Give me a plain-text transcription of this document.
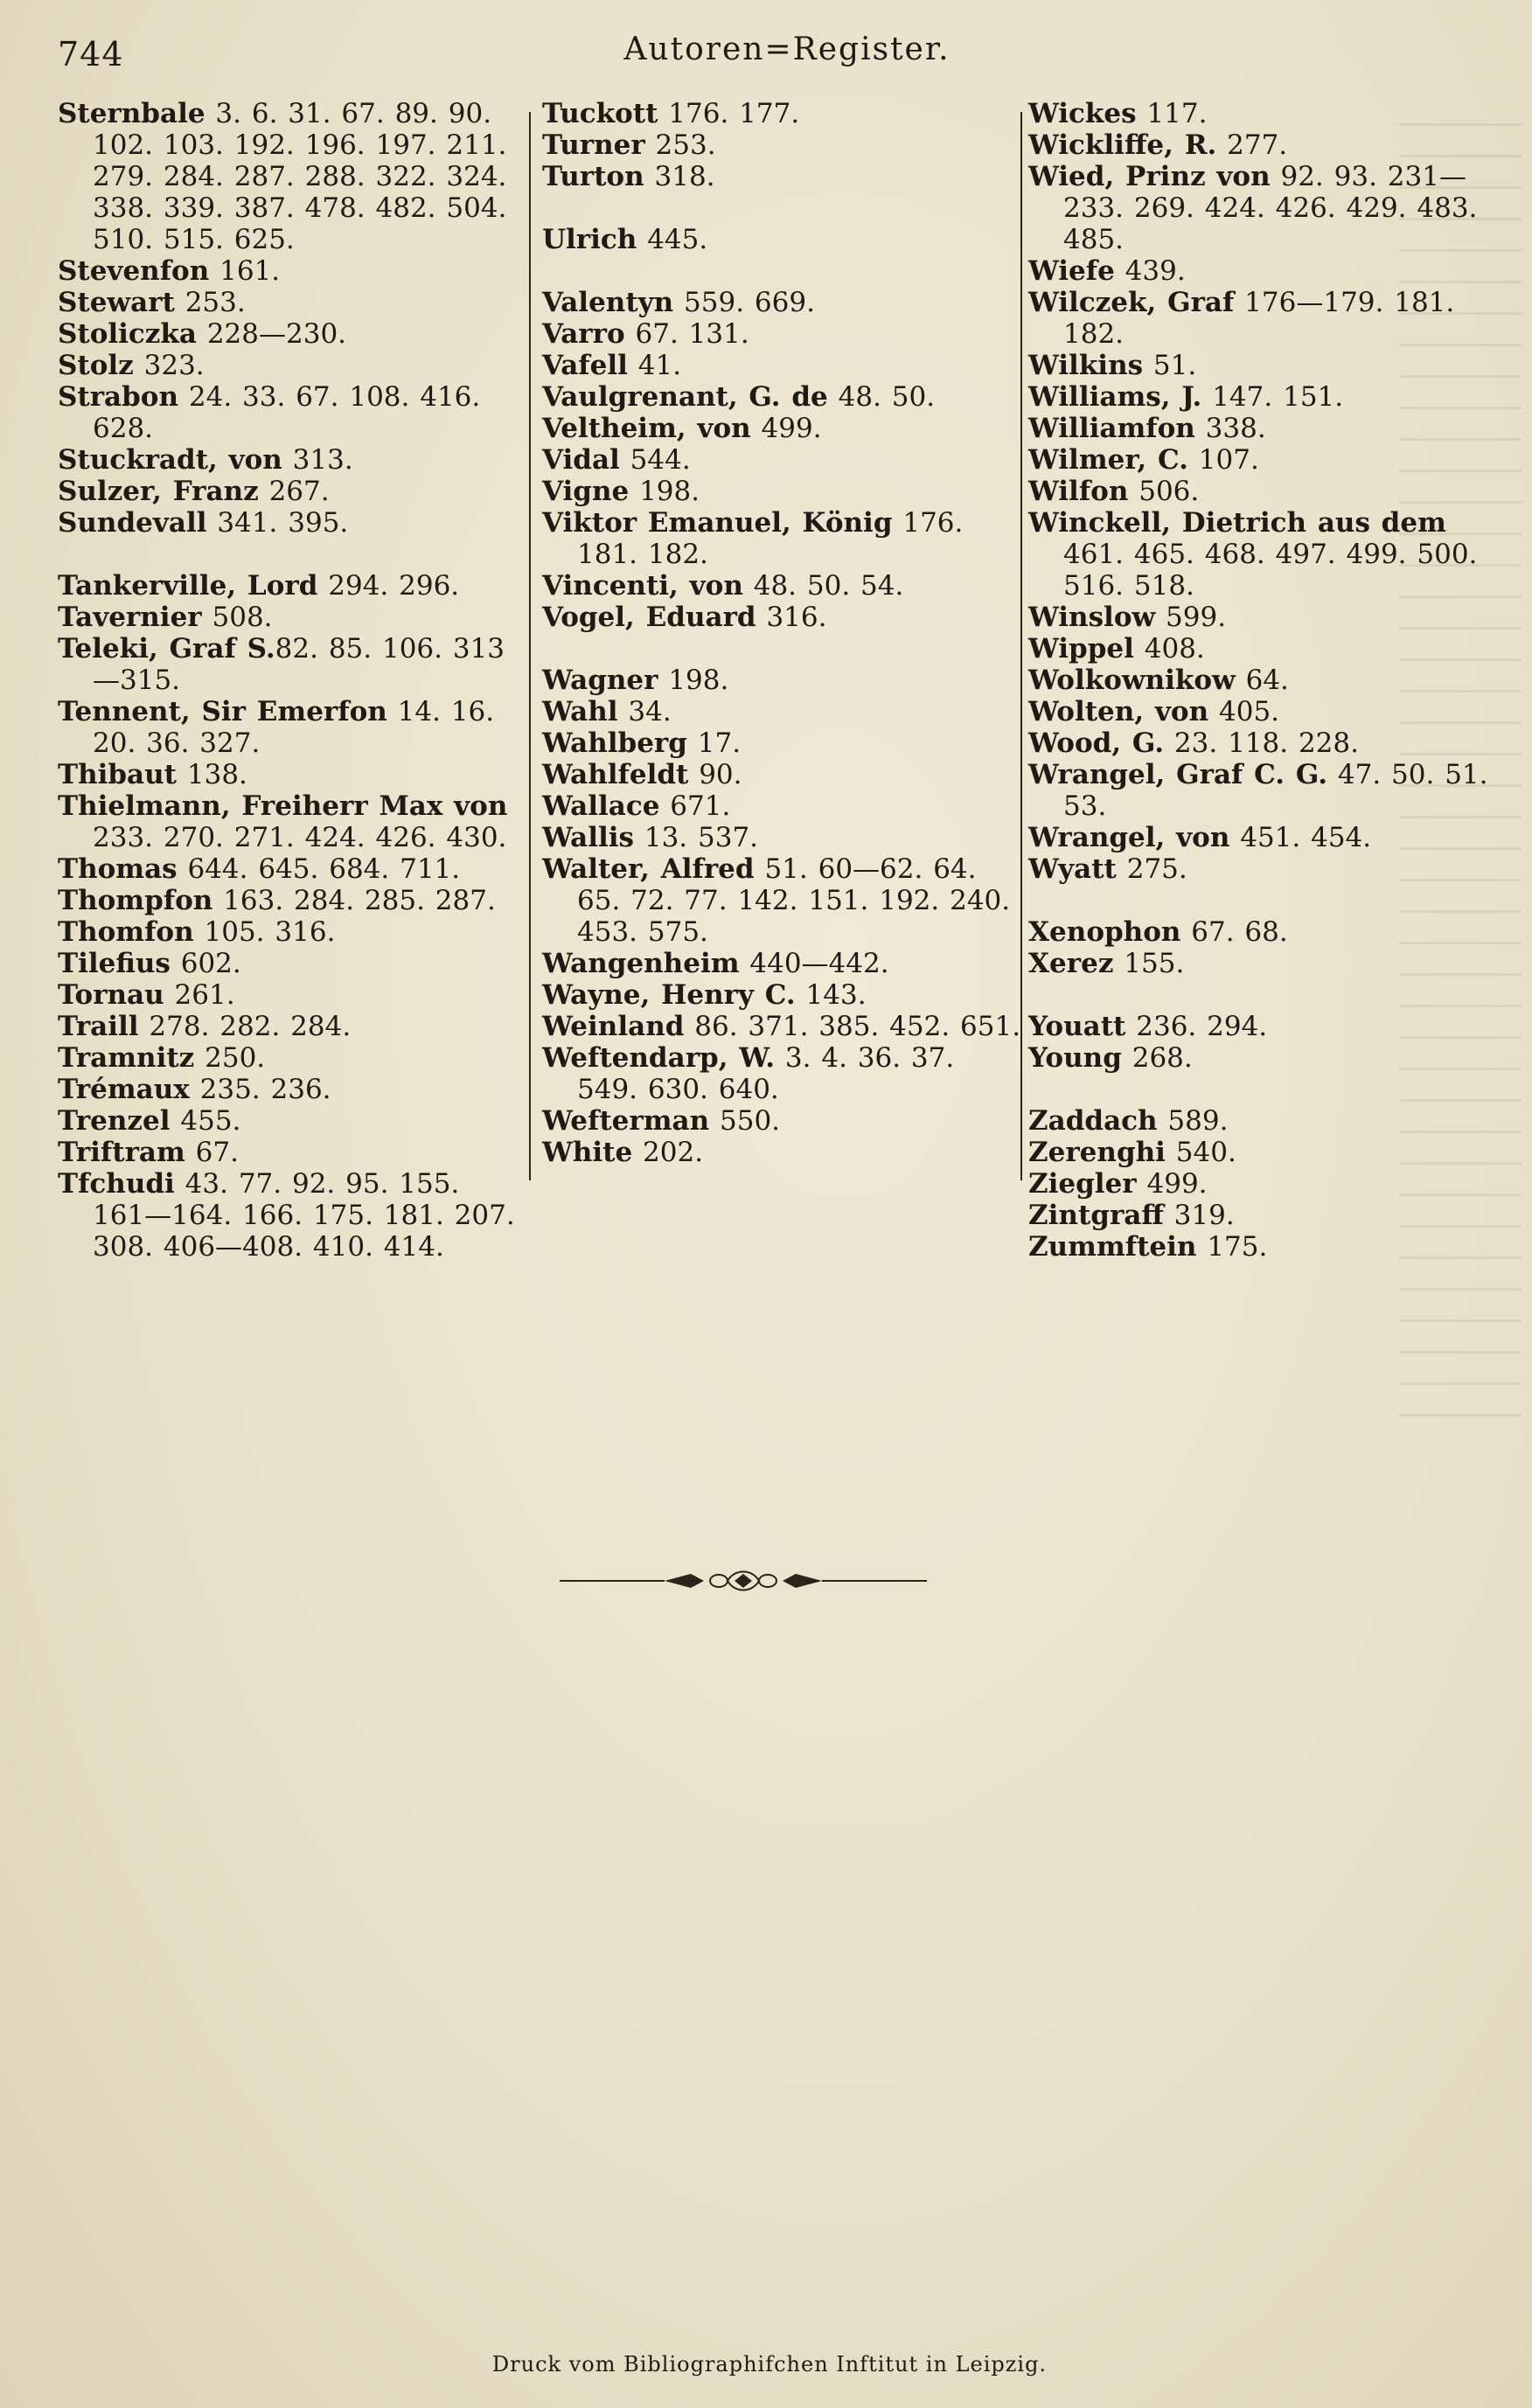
744	Autoren=Register.

Sternbale 3. 6. 31. 67. 89. 90. 102. 103. 192. 196. 197. 211. 279. 284. 287. 288. 322. 324. 338. 339. 387. 478. 482. 504. 510. 515. 625.

Stevenfon 161.

Stewart 253.

Stoliczka 228—230.

Stolz 323.

Strabon 24. 33. 67. 108. 416. 628.

Stuckradt, von 313.

Sulzer, Franz 267.

Sundevall 341. 395.

Tankerville, Lord 294. 296.

Tavernier 508.

Teleki, Graf S.82. 85. 106. 313—315.

Tennent, Sir Emerfon 14. 16. 20. 36. 327.

Thibaut 138.

Thielmann, Freiherr Max von 233. 270. 271. 424. 426. 430.

Thomas 644. 645. 684. 711.

Thompfon 163. 284. 285. 287.

Thomfon 105. 316.

Tilefius 602.

Tornau 261.

Traill 278. 282. 284.

Tramnitz 250.

Trémaux 235. 236.

Trenzel 455.

Triftram 67.

Tfchudi 43. 77. 92. 95. 155. 161—164. 166. 175. 181. 207. 308. 406—408. 410. 414.

Tuckott 176. 177.

Turner 253.

Turton 318.

Ulrich 445.

Valentyn 559. 669.

Varro 67. 131.

Vafell 41.

Vaulgrenant, G. de 48. 50.

Veltheim, von 499.

Vidal 544.

Vigne 198.

Viktor Emanuel, König 176. 181. 182.

Vincenti, von 48. 50. 54.

Vogel, Eduard 316.

Wagner 198.

Wahl 34.

Wahlberg 17.

Wahlfeldt 90.

Wallace 671.

Wallis 13. 537.

Walter, Alfred 51. 60—62. 64. 65. 72. 77. 142. 151. 192. 240. 453. 575.

Wangenheim 440—442.

Wayne, Henry C. 143.

Weinland 86. 371. 385. 452. 651.

Weftendarp, W. 3. 4. 36. 37. 549. 630. 640.

Wefterman 550.

White 202.

Wickes 117.

Wickliffe, R. 277.

Wied, Prinz von 92. 93. 231—233. 269. 424. 426. 429. 483. 485.

Wiefe 439.

Wilczek, Graf 176—179. 181. 182.

Wilkins 51.

Williams, J. 147. 151.

Williamfon 338.

Wilmer, C. 107.

Wilfon 506.

Winckell, Dietrich aus dem 461. 465. 468. 497. 499. 500. 516. 518.

Winslow 599.

Wippel 408.

Wolkownikow 64.

Wolten, von 405.

Wood, G. 23. 118. 228.

Wrangel, Graf C. G. 47. 50. 51. 53.

Wrangel, von 451. 454.

Wyatt 275.

Xenophon 67. 68.

Xerez 155.

Youatt 236. 294.

Young 268.

Zaddach 589.

Zerenghi 540.

Ziegler 499.

Zintgraff 319.

Zummftein 175.

Druck vom Bibliographifchen Inftitut in Leipzig.
